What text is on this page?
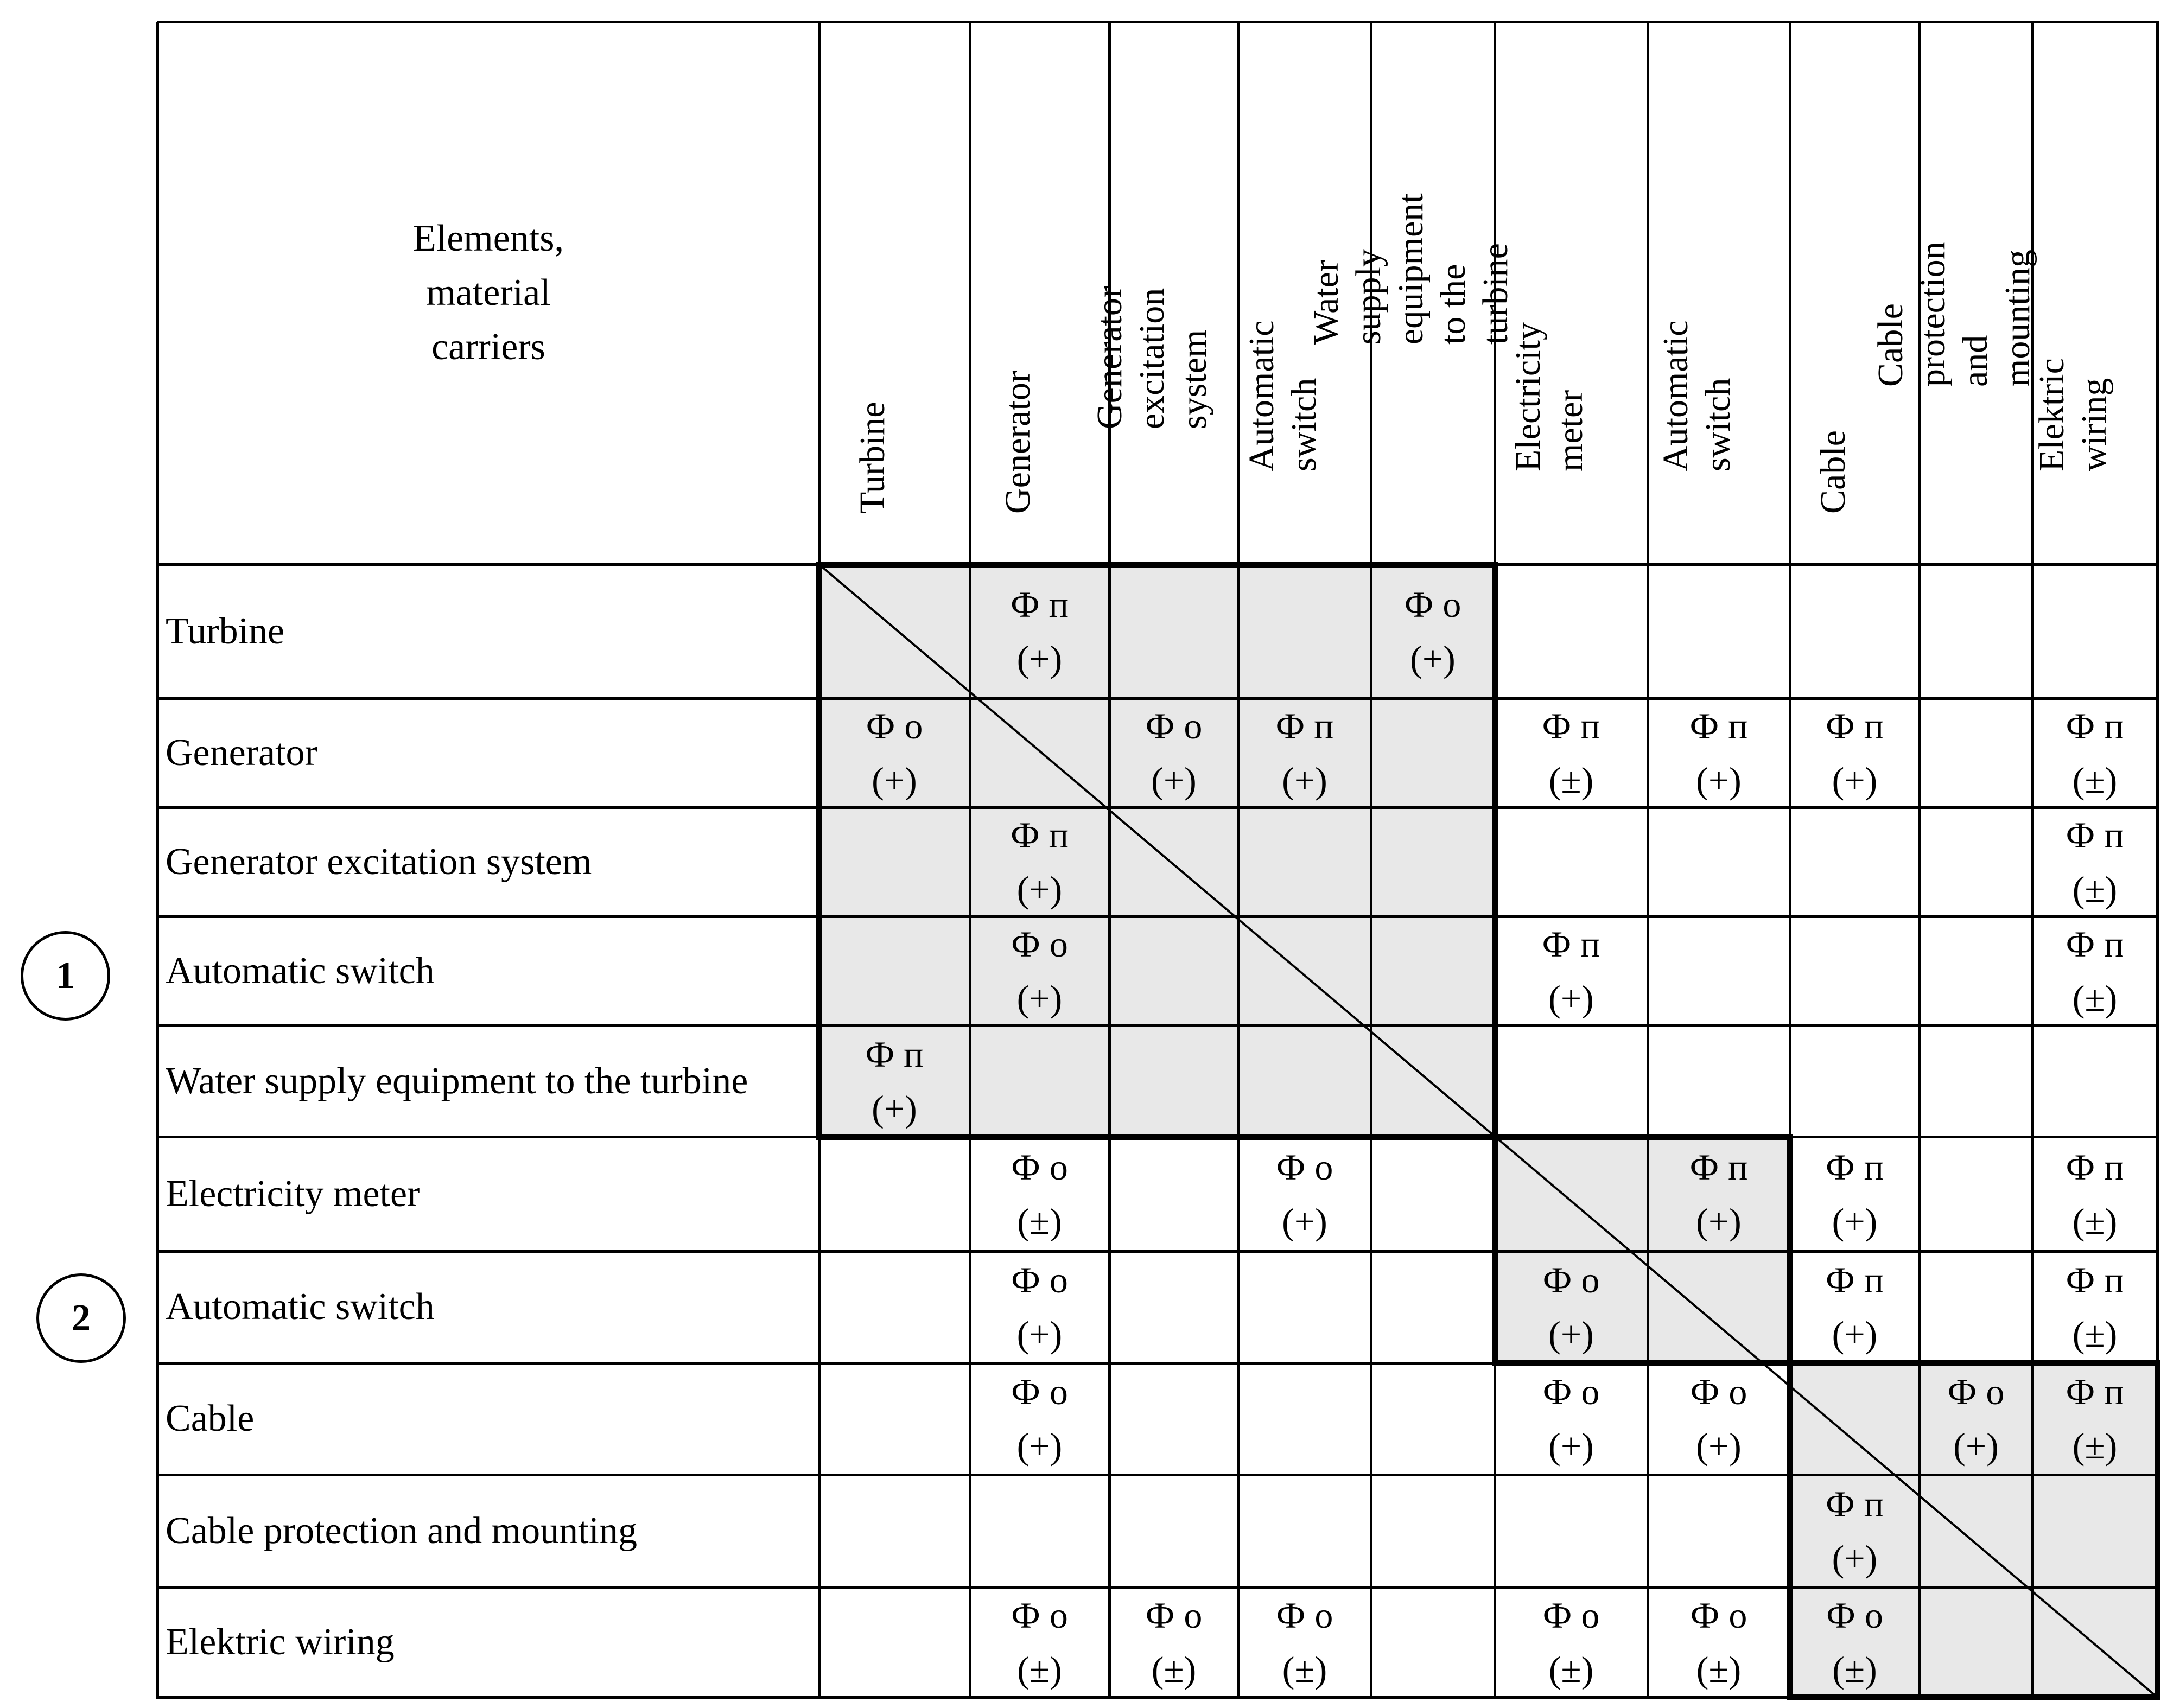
Elements,
material
carriers
Turbine	Generator
Generator excitation system Automatic switch
Water supply equipment to the
turbine
Electricity meter Automatic switch
Cable
Cable protection and mounting
Elektric wiring
Turbine
Generator
Generator excitation system
Automatic switch
Water supply equipment to the turbine
Electricity meter
Automatic switch
Cable
Cable protection and mounting
Elektric wiring
Ф п
(+)
Ф о
(+)
Ф о
(+)
Ф о
(+)
Ф п
(+)
Ф п
(±)
Ф п
(+)
Ф п
(+)
Ф п
(±)
Ф п
(+)
Ф п
(±)
Ф о
(+)
Ф п
(+)
Ф п
(±)
Ф п
(+)
Ф о
(±)
Ф о
(+)
Ф п
(+)
Ф п
(+)
Ф п
(±)
Ф о
(+)
Ф о
(+)
Ф п
(+)
Ф п
(±)
Ф о
(+)
Ф о
(+)
Ф о
(+)
Ф о
(+)
Ф п
(±)
Ф п
(+)
Ф о
(±)
Ф о
(±)
Ф о
(±)
Ф о
(±)
Ф о
(±)
Ф о
(±)
1
2
